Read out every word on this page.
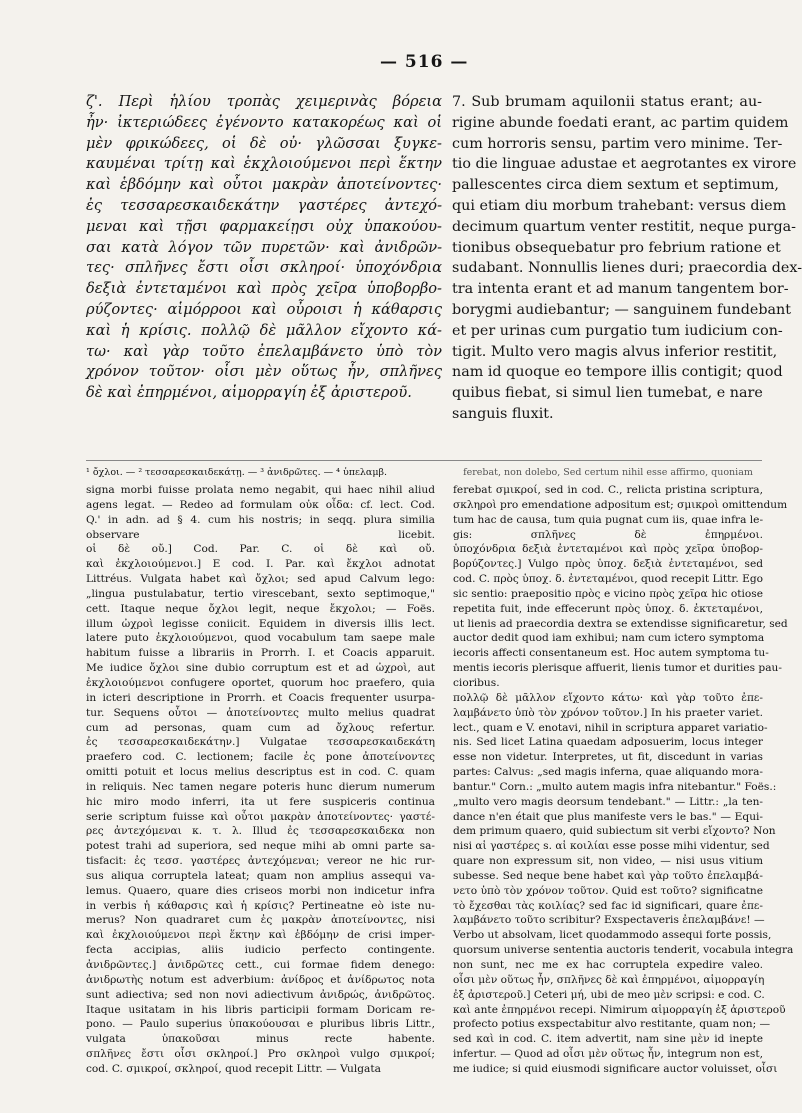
— 516 —
ζ'. Περὶ ἡλίου τροπὰς χειμερινὰς βόρεια
ἦν· ἰκτεριώδεες ἐγένοντο κατακορέως καὶ οἱ
μὲν φρικώδεες, οἱ δὲ οὐ· γλῶσσαι ξυγκε-
καυμέναι τρίτῃ καὶ ἑκχλοιούμενοι περὶ ἕκτην
καὶ ἑβδόμην καὶ οὗτοι μακρὰν ἀποτείνοντες·
ἐς τεσσαρεσκαιδεκάτην γαστέρες ἀντεχό-
μεναι καὶ τῇσι φαρμακείῃσι οὐχ ὑπακούου-
σαι κατὰ λόγον τῶν πυρετῶν· καὶ ἀνιδρῶν-
τες· σπλῆνες ἔστι οἷσι σκληροί· ὑποχόνδρια
δεξιὰ ἐντεταμένοι καὶ πρὸς χεῖρα ὑποβορβο-
ρύζοντες· αἱμόρροοι καὶ οὖροισι ἡ κάθαρσις
καὶ ἡ κρίσις. πολλῷ δὲ μᾶλλον εἴχοντο κά-
τω· καὶ γὰρ τοῦτο ἐπελαμβάνετο ὑπὸ τὸν
χρόνον τοῦτον· οἷσι μὲν οὕτως ἦν, σπλῆνες
δὲ καὶ ἐπηρμένοι, αἱμορραγίη ἐξ ἀριστεροῦ.
7. Sub brumam aquilonii status erant; au-
rigine abunde foedati erant, ac partim quidem
cum horroris sensu, partim vero minime. Ter-
tio die linguae adustae et aegrotantes ex virore
pallescentes circa diem sextum et septimum,
qui etiam diu morbum trahebant: versus diem
decimum quartum venter restitit, neque purga-
tionibus obsequebatur pro febrium ratione et
sudabant. Nonnullis lienes duri; praecordia dex-
tra intenta erant et ad manum tangentem bor-
borygmi audiebantur; — sanguinem fundebant
et per urinas cum purgatio tum iudicium con-
tigit. Multo vero magis alvus inferior restitit,
nam id quoque eo tempore illis contigit; quod
quibus fiebat, si simul lien tumebat, e nare
sanguis fluxit.
¹ ὄχλοι. — ² τεσσαρεσκαιδεκάτῃ. — ³ ἀνιδρῶτες. — ⁴ ὑπελαμβ.
signa morbi fuisse prolata nemo negabit, qui haec nihil aliud
agens legat. — Redeo ad formulam οὐκ οἶδα: cf. lect. Cod.
Q.' in adn. ad § 4. cum his nostris; in seqq. plura similia
observare licebit.
οἱ δὲ οὔ.] Cod. Par. C. οἱ δὲ καὶ οὔ.
καὶ ἐκχλοιούμενοι.] E cod. I. Par. καὶ ἔκχλοι adnotat
Littréus. Vulgata habet καὶ ὄχλοι; sed apud Calvum lego:
„lingua pustulabatur, tertio virescebant, sexto septimoque,"
cett. Itaque neque ὄχλοι legit, neque ἔκχολοι; — Foës.
illum ὠχροὶ legisse coniicit. Equidem in diversis illis lect.
latere puto ἐκχλοιούμενοι, quod vocabulum tam saepe male
habitum fuisse a librariis in Prorrh. I. et Coacis apparuit.
Me iudice ὄχλοι sine dubio corruptum est et ad ὠχροὶ, aut
ἐκχλοιούμενοι confugere oportet, quorum hoc praefero, quia
in icteri descriptione in Prorrh. et Coacis frequenter usurpa-
tur. Sequens οὗτοι — ἀποτείνοντες multo melius quadrat
cum ad personas, quam cum ad ὄχλους refertur.
ἐς τεσσαρεσκαιδεκάτην.] Vulgatae τεσσαρεσκαιδεκάτη
praefero cod. C. lectionem; facile ἐς pone ἀποτείνοντες
omitti potuit et locus melius descriptus est in cod. C. quam
in reliquis. Nec tamen negare poteris hunc dierum numerum
hic miro modo inferri, ita ut fere suspiceris continua
serie scriptum fuisse καὶ οὗτοι μακρὰν ἀποτείνοντες· γαστέ-
ρες ἀντεχόμεναι κ. τ. λ. Illud ἐς τεσσαρεσκαιδεκα non
potest trahi ad superiora, sed neque mihi ab omni parte sa-
tisfacit: ἐς τεσσ. γαστέρες ἀντεχόμεναι; vereor ne hic rur-
sus aliqua corruptela lateat; quam non amplius assequi va-
lemus. Quaero, quare dies criseos morbi non indicetur infra
in verbis ἡ κάθαρσις καὶ ἡ κρίσις? Pertineatne eò iste nu-
merus? Non quadraret cum ἐς μακρὰν ἀποτείνοντες, nisi
καὶ ἐκχλοιούμενοι περὶ ἕκτην καὶ ἑβδόμην de crisi imper-
fecta accipias, aliis iudicio perfecto contingente.
ἀνιδρῶντες.] ἀνιδρῶτες cett., cui formae fidem denego:
ἀνιδρωτὴς notum est adverbium: ἀνίδρος et ἀνίδρωτος nota
sunt adiectiva; sed non novi adiectivum ἀνιδρώς, ἀνιδρῶτος.
Itaque usitatam in his libris participii formam Doricam re-
pono. — Paulo superius ὑπακούουσαι e pluribus libris Littr.,
vulgata ὑπακοῦσαι minus recte habente.
σπλῆνες ἔστι οἷσι σκληροί.] Pro σκληροὶ vulgo σμικροί;
cod. C. σμικροί, σκληροί, quod recepit Littr. — Vulgata
ferebat, non dolebo, Sed certum nihil esse affirmo, quoniam
ferebat σμικροί, sed in cod. C., relicta pristina scriptura,
σκληροὶ pro emendatione adpositum est; σμικροὶ omittendum
tum hac de causa, tum quia pugnat cum iis, quae infra le-
gis: σπλῆνες δὲ ἐπηρμένοι.
ὑποχόνδρια δεξιὰ ἐντεταμένοι καὶ πρὸς χεῖρα ὑποβορ-
βορύζοντες.] Vulgo πρὸς ὑποχ. δεξιὰ ἐντεταμένοι, sed
cod. C. πρὸς ὑποχ. δ. ἐντεταμένοι, quod recepit Littr. Ego
sic sentio: praepositio πρὸς e vicino πρὸς χεῖρα hic otiose
repetita fuit, inde effecerunt πρὸς ὑποχ. δ. ἐκτεταμένοι,
ut lienis ad praecordia dextra se extendisse significaretur, sed
auctor dedit quod iam exhibui; nam cum ictero symptoma
iecoris affecti consentaneum est. Hoc autem symptoma tu-
mentis iecoris plerisque affuerit, lienis tumor et durities pau-
cioribus.
πολλῷ δὲ μᾶλλον εἴχοντο κάτω· καὶ γὰρ τοῦτο ἐπε-
λαμβάνετο ὑπὸ τὸν χρόνον τοῦτον.] In his praeter variet.
lect., quam e V. enotavi, nihil in scriptura apparet variatio-
nis. Sed licet Latina quaedam adposuerim, locus integer
esse non videtur. Interpretes, ut fit, discedunt in varias
partes: Calvus: „sed magis inferna, quae aliquando mora-
bantur." Corn.: „multo autem magis infra nitebantur." Foës.:
„multo vero magis deorsum tendebant." — Littr.: „la ten-
dance n'en était que plus manifeste vers le bas." — Equi-
dem primum quaero, quid subiectum sit verbi εἴχοντο? Non
nisi αἱ γαστέρες s. αἱ κοιλίαι esse posse mihi videntur, sed
quare non expressum sit, non video, — nisi usus vitium
subesse. Sed neque bene habet καὶ γὰρ τοῦτο ἐπελαμβά-
νετο ὑπὸ τὸν χρόνον τοῦτον. Quid est τοῦτο? significatne
τὸ ἔχεσθαι τὰς κοιλίας? sed fac id significari, quare ἐπε-
λαμβάνετο τοῦτο scribitur? Exspectaveris ἐπελαμβάνε! —
Verbo ut absolvam, licet quodammodo assequi forte possis,
quorsum universe sententia auctoris tenderit, vocabula integra
non sunt, nec me ex hac corruptela expedire valeo.
οἷσι μὲν οὕτως ἦν, σπλῆνες δὲ καὶ ἐπηρμένοι, αἱμορραγίη
ἐξ ἀριστεροῦ.] Ceteri μή, ubi de meo μὲν scripsi: e cod. C.
καὶ ante ἐπηρμένοι recepi. Nimirum αἱμορραγίη ἐξ ἀριστεροῦ
profecto potius exspectabitur alvo restitante, quam non; —
sed καὶ in cod. C. item advertit, nam sine μὲν id inepte
infertur. — Quod ad οἷσι μὲν οὕτως ἦν, integrum non est,
me iudice; si quid eiusmodi significare auctor voluisset, οἷσι
